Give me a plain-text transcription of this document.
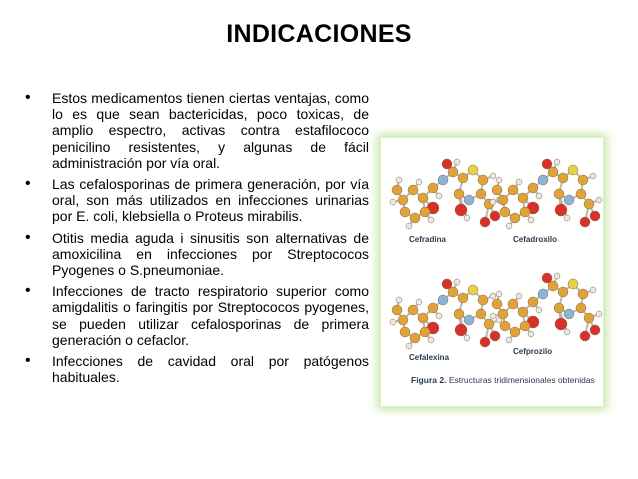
INDICACIONES
• Estos medicamentos tienen ciertas ventajas, como lo es que sean bactericidas, poco toxicas, de amplio espectro, activas contra estafilococo penicilino resistentes, y algunas de fácil administración por vía oral.
• Las cefalosporinas de primera generación, por vía oral, son más utilizados en infecciones urinarias por E. coli, klebsiella o Proteus mirabilis.
• Otitis media aguda i sinusitis son alternativas de amoxicilina en infecciones por Streptococos Pyogenes o S.pneumoniae.
• Infecciones de tracto respiratorio superior como amigdalitis o faringitis por Streptococos pyogenes, se pueden utilizar cefalosporinas de primera generación o cefaclor.
• Infecciones de cavidad oral por patógenos habituales.
Cefradina	Cefadroxilo
Cefalexina
Cefprozilo
Figura 2. Estructuras tridimensionales obtenidas
